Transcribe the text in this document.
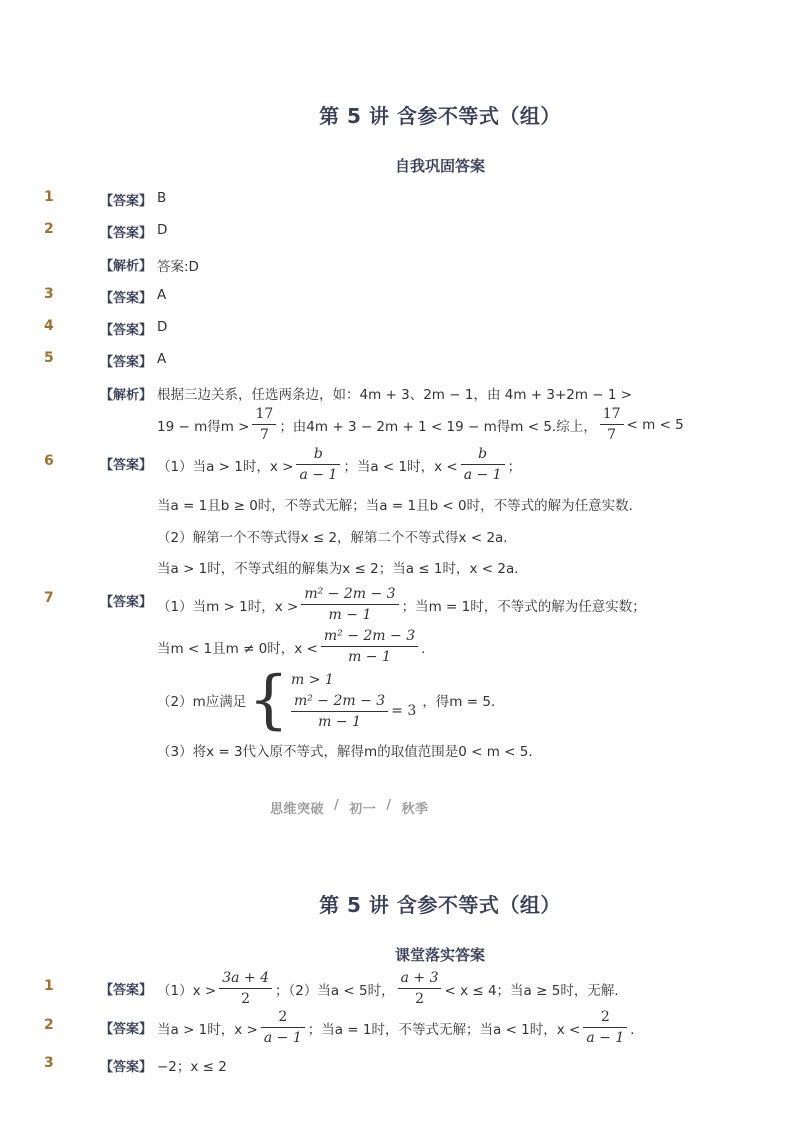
第 5 讲 含参不等式（组）
自我巩固答案
1	【答案】 B
2	【答案】 D
【解析】 答案:D
3	【答案】 A
4	【答案】 D
5	【答案】 A
【解析】 根据三边关系，任选两条边，如：4m + 3、2m − 1，由 4m + 3+2m − 1 >
19 − m得$m > \frac{17}{7}$ ；由4m + 3 − 2m + 1 < 19 − m得m < 5.综上， $\frac{17}{7} < m < 5$
6	【答案】 （1）当a > 1时，$x > \frac{b}{a - 1}$ ；当a < 1时，$x < \frac{b}{a - 1}$ ；
当a = 1且b ≥ 0时，不等式无解；当a = 1且b < 0时，不等式的解为任意实数．
（2）解第一个不等式得x ≤ 2，解第二个不等式得x < 2a．
当a > 1时，不等式组的解集为x ≤ 2；当a ≤ 1时，x < 2a．
7	【答案】 （1）当m > 1时，$x > \frac{\text{m² − 2m − 3}}{m - 1}$ ；当m = 1时，不等式的解为任意实数；
当m < 1且m ≠ 0时，$x < \frac{\text{m² − 2m − 3}}{m - 1}$ ．
（2）m应满足 { m > 1
$\frac{\text{m² − 2m − 3}}{m - 1} = 3$
，得m = 5．
（3）将x = 3代入原不等式，解得m的取值范围是0 < m < 5．
思维突破 / 初一 / 秋季
第 5 讲 含参不等式（组）
课堂落实答案
1	【答案】 $(1)x > \frac{3a + 4}{2}$ ；（2）当a < 5时， $\frac{a + 3}{2} < x \le 4$；当a ≥ 5时，无解．
2	【答案】 当a > 1时，$x > \frac{2}{a - 1}$ ；当a = 1时，不等式无解；当a < 1时，$x < \frac{2}{a - 1}$ ．
3	【答案】 −2；x ≤ 2
